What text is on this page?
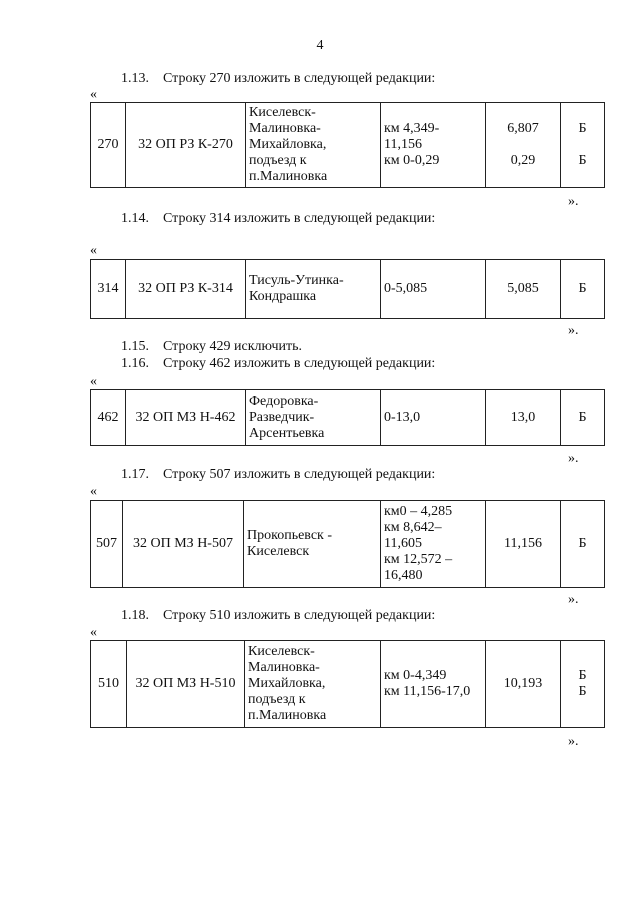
4
1.13. Строку 270 изложить в следующей редакции:
«
270	32 ОП РЗ К-270	Киселевск-
Малиновка-
Михайловка,
подъезд к
п.Малиновка	км 4,349-
11,156
км 0-0,29	6,807

0,29	Б

Б
».
1.14. Строку 314 изложить в следующей редакции:
«
314	32 ОП РЗ К-314	Тисуль-Утинка-
Кондрашка	0-5,085	5,085	Б
».
1.15. Строку 429 исключить.
1.16. Строку 462 изложить в следующей редакции:
«
462	32 ОП МЗ Н-462	Федоровка-
Разведчик-
Арсентьевка	0-13,0	13,0	Б
».
1.17. Строку 507 изложить в следующей редакции:
«
507	32 ОП МЗ Н-507	Прокопьевск -
Киселевск	км0 – 4,285
км 8,642–
11,605
км 12,572 –
16,480	11,156	Б
».
1.18. Строку 510 изложить в следующей редакции:
«
510	32 ОП МЗ Н-510	Киселевск-
Малиновка-
Михайловка,
подъезд к
п.Малиновка	км 0-4,349
км 11,156-17,0	10,193	Б
Б
».
